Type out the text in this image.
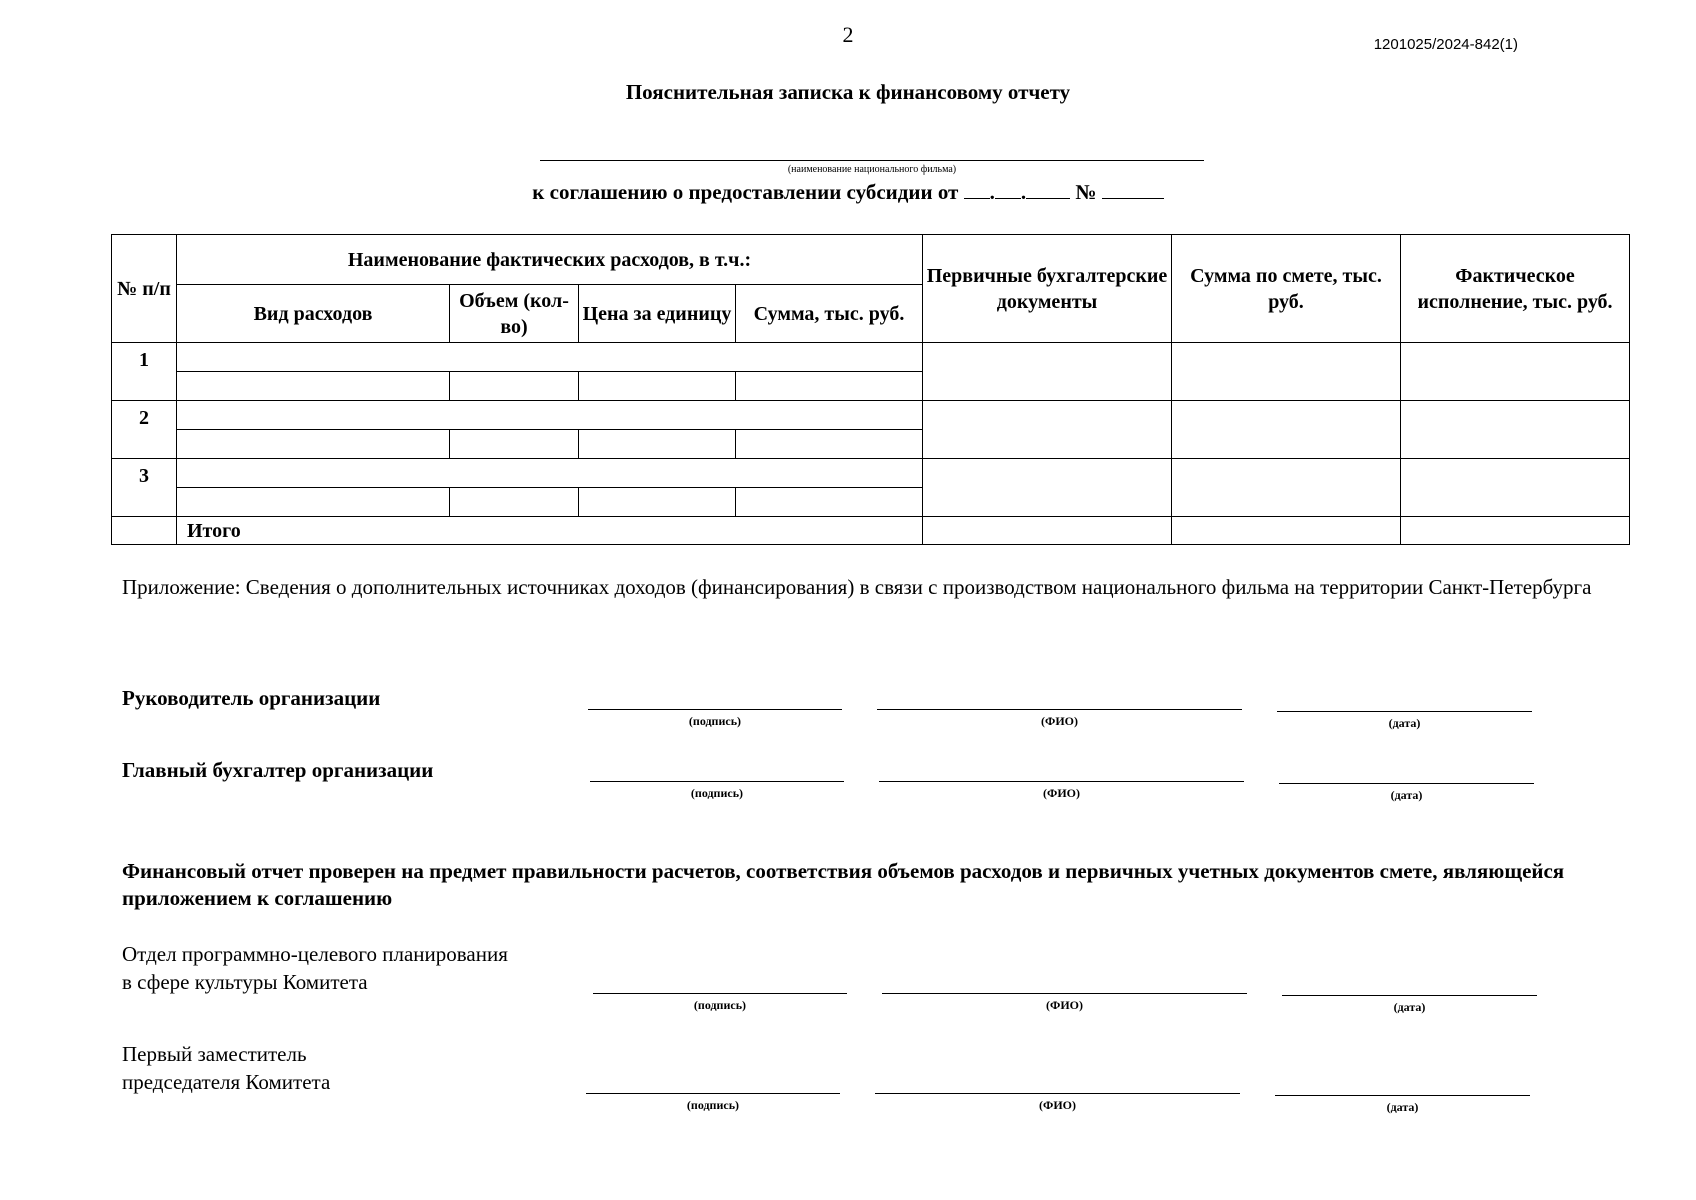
2	1201025/2024-842(1)
Пояснительная записка к финансовому отчету
(наименование национального фильма)
к соглашению о предоставлении субсидии от . . №
№ п/п	Наименование фактических расходов, в т.ч.:				Первичные бухгалтерские документы	Сумма по смете, тыс. руб.	Фактическое исполнение, тыс. руб.
	Вид расходов	Объем (кол-во)	Цена за единицу	Сумма, тыс. руб.			
1							

2							

3							

	Итого						
Приложение: Сведения о дополнительных источниках доходов (финансирования) в связи с производством национального фильма на территории Санкт-Петербурга
Руководитель организации
(подпись)	(ФИО)	(дата)
Главный бухгалтер организации
(подпись)	(ФИО)	(дата)
Финансовый отчет проверен на предмет правильности расчетов, соответствия объемов расходов и первичных учетных документов смете, являющейся приложением к соглашению
Отдел программно-целевого планирования
в сфере культуры Комитета
(подпись)	(ФИО)	(дата)
Первый заместитель
председателя Комитета
(подпись)	(ФИО)	(дата)
